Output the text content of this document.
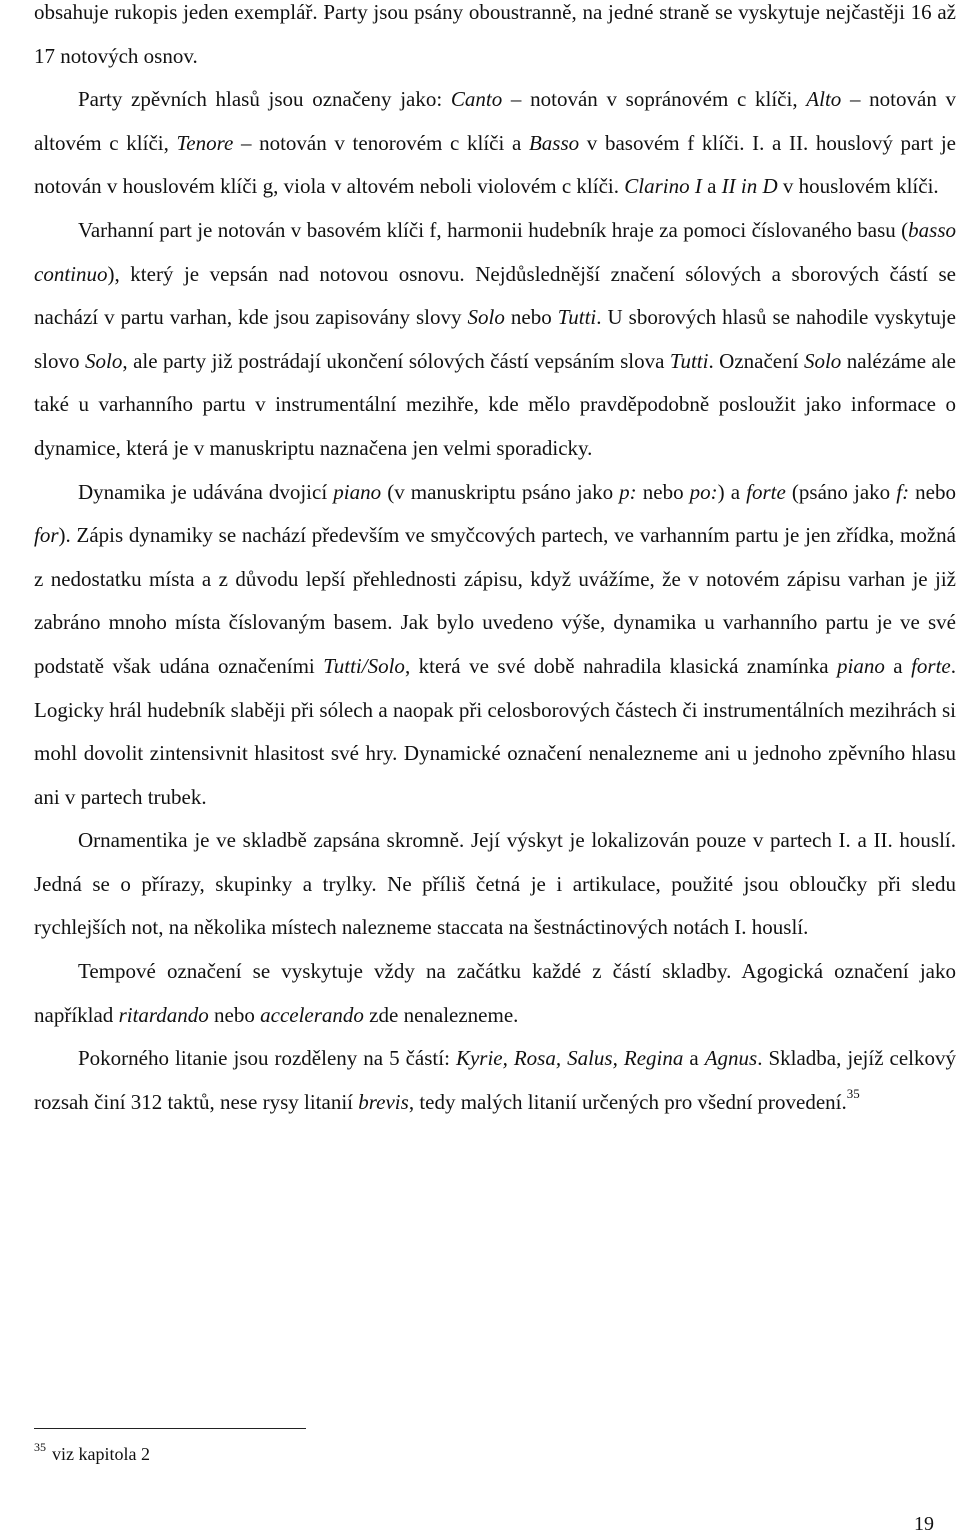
obsahuje rukopis jeden exemplář. Party jsou psány oboustranně, na jedné straně se vyskytuje nejčastěji 16 až 17 notových osnov.

Party zpěvních hlasů jsou označeny jako: Canto – notován v sopránovém c klíči, Alto – notován v altovém c klíči, Tenore – notován v tenorovém c klíči a Basso v basovém f klíči. I. a II. houslový part je notován v houslovém klíči g, viola v altovém neboli violovém c klíči. Clarino I a II in D v houslovém klíči.

Varhanní part je notován v basovém klíči f, harmonii hudebník hraje za pomoci číslovaného basu (basso continuo), který je vepsán nad notovou osnovu. Nejdůslednější značení sólových a sborových částí se nachází v partu varhan, kde jsou zapisovány slovy Solo nebo Tutti. U sborových hlasů se nahodile vyskytuje slovo Solo, ale party již postrádají ukončení sólových částí vepsáním slova Tutti. Označení Solo nalézáme ale také u varhanního partu v instrumentální mezihře, kde mělo pravděpodobně posloužit jako informace o dynamice, která je v manuskriptu naznačena jen velmi sporadicky.

Dynamika je udávána dvojicí piano (v manuskriptu psáno jako p: nebo po:) a forte (psáno jako f: nebo for). Zápis dynamiky se nachází především ve smyčcových partech, ve varhanním partu je jen zřídka, možná z nedostatku místa a z důvodu lepší přehlednosti zápisu, když uvážíme, že v notovém zápisu varhan je již zabráno mnoho místa číslovaným basem. Jak bylo uvedeno výše, dynamika u varhanního partu je ve své podstatě však udána označeními Tutti/Solo, která ve své době nahradila klasická znamínka piano a forte. Logicky hrál hudebník slaběji při sólech a naopak při celosborových částech či instrumentálních mezihrách si mohl dovolit zintensivnit hlasitost své hry. Dynamické označení nenalezneme ani u jednoho zpěvního hlasu ani v partech trubek.

Ornamentika je ve skladbě zapsána skromně. Její výskyt je lokalizován pouze v partech I. a II. houslí. Jedná se o přírazy, skupinky a trylky. Ne příliš četná je i artikulace, použité jsou obloučky při sledu rychlejších not, na několika místech nalezneme staccata na šestnáctinových notách I. houslí.

Tempové označení se vyskytuje vždy na začátku každé z částí skladby. Agogická označení jako například ritardando nebo accelerando zde nenalezneme.

Pokorného litanie jsou rozděleny na 5 částí: Kyrie, Rosa, Salus, Regina a Agnus. Skladba, jejíž celkový rozsah činí 312 taktů, nese rysy litanií brevis, tedy malých litanií určených pro všední provedení.$^{35}$

$^{35}$ viz kapitola 2
19
